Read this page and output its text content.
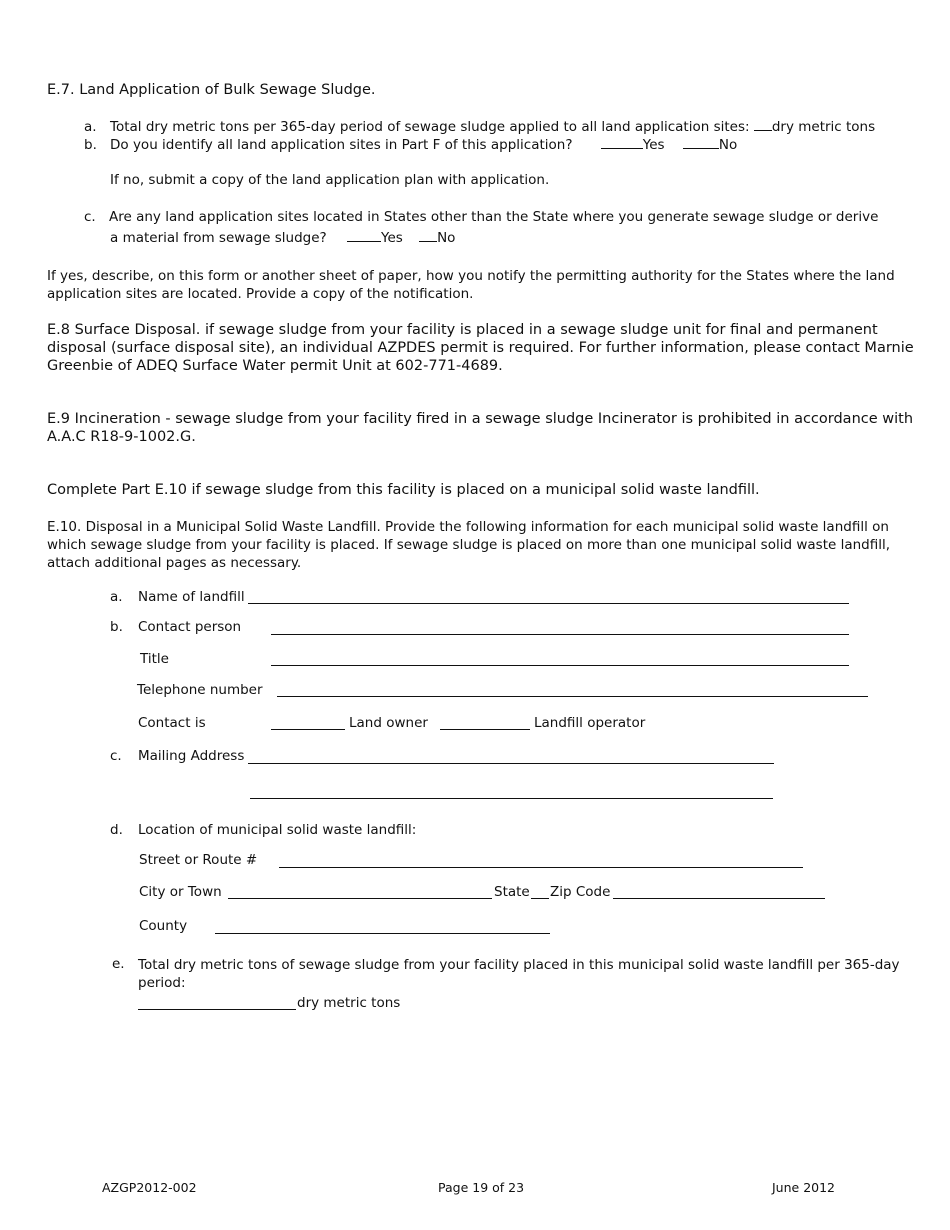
E.7. Land Application of Bulk Sewage Sludge.
a. Total dry metric tons per 365-day period of sewage sludge applied to all land application sites: dry metric tons
b. Do you identify all land application sites in Part F of this application?	Yes	No
If no, submit a copy of the land application plan with application.
c. Are any land application sites located in States other than the State where you generate sewage sludge or derive
a material from sewage sludge?	Yes	No
If yes, describe, on this form or another sheet of paper, how you notify the permitting authority for the States where the land application sites are located. Provide a copy of the notification.
E.8 Surface Disposal. if sewage sludge from your facility is placed in a sewage sludge unit for final and permanent disposal (surface disposal site), an individual AZPDES permit is required. For further information, please contact Marnie Greenbie of ADEQ Surface Water permit Unit at 602-771-4689.
E.9 Incineration - sewage sludge from your facility fired in a sewage sludge Incinerator is prohibited in accordance with A.A.C R18-9-1002.G.
Complete Part E.10 if sewage sludge from this facility is placed on a municipal solid waste landfill.
E.10. Disposal in a Municipal Solid Waste Landfill. Provide the following information for each municipal solid waste landfill on which sewage sludge from your facility is placed. If sewage sludge is placed on more than one municipal solid waste landfill, attach additional pages as necessary.
a. Name of landfill
b. Contact person
Title
Telephone number
Contact is	Land owner	Landfill operator
c. Mailing Address
d. Location of municipal solid waste landfill:
Street or Route #
City or Town	State Zip Code
County
e. Total dry metric tons of sewage sludge from your facility placed in this municipal solid waste landfill per 365-day period:
dry metric tons
AZGP2012-002	Page 19 of 23	June 2012
